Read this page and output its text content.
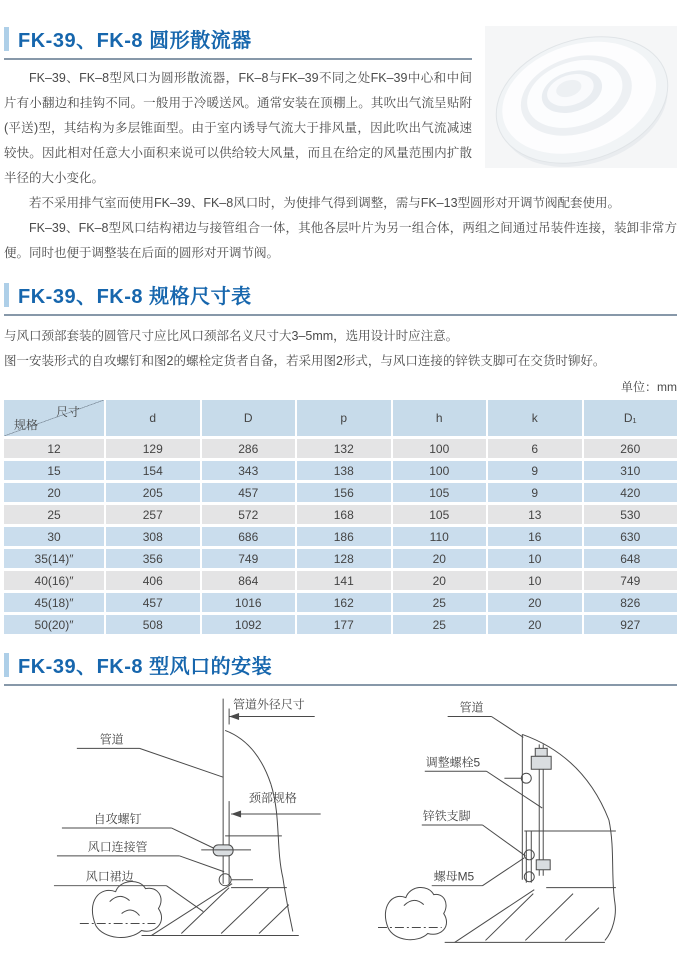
FK-39、FK-8 圆形散流器

FK–39、FK–8型风口为圆形散流器，FK–8与FK–39不同之处FK–39中心和中间片有小翻边和挂钩不同。一般用于冷暖送风。通常安装在顶棚上。其吹出气流呈贴附(平送)型，其结构为多层锥面型。由于室内诱导气流大于排风量，因此吹出气流减速较快。因此相对任意大小面积来说可以供给较大风量，而且在给定的风量范围内扩散半径的大小变化。

若不采用排气室而使用FK–39、FK–8风口时，为使排气得到调整，需与FK–13型圆形对开调节阀配套使用。

FK–39、FK–8型风口结构裙边与接管组合一体，其他各层叶片为另一组合体，两组之间通过吊装件连接，装卸非常方便。同时也便于调整装在后面的圆形对开调节阀。

FK-39、FK-8 规格尺寸表

与风口颈部套装的圆管尺寸应比风口颈部名义尺寸大3–5mm，选用设计时应注意。

图一安装形式的自攻螺钉和图2的螺栓定货者自备，若采用图2形式，与风口连接的锌铁支脚可在交货时铆好。

单位：mm
尺寸
规格	d	D	p	h	k	D₁
12	129	286	132	100	6	260
15	154	343	138	100	9	310
20	205	457	156	105	9	420
25	257	572	168	105	13	530
30	308	686	186	110	16	630
35(14)″	356	749	128	20	10	648
40(16)″	406	864	141	20	10	749
45(18)″	457	1016	162	25	20	826
50(20)″	508	1092	177	25	20	927
FK-39、FK-8 型风口的安装
管道外径尺寸
管道
颈部规格
自攻螺钉
风口连接管
风口裙边
管道
调整螺栓5
锌铁支脚
螺母M5
